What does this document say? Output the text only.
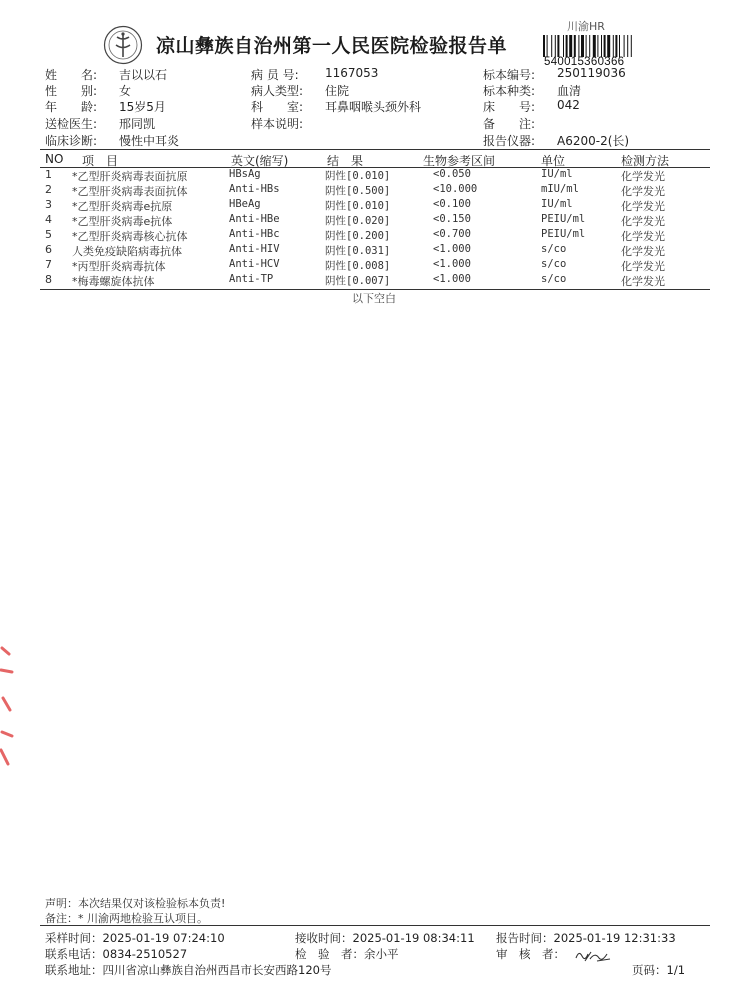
凉山彝族自治州第一人民医院检验报告单
川渝HR
540015360366
姓　　名: 吉以以石	病 员 号: 1167053	标本编号: 250119036
性　　别: 女	病人类型: 住院	标本种类: 血清
年　　龄: 15岁5月	科　　室: 耳鼻咽喉头颈外科	床　　号: 042
送检医生: 邢同凯	样本说明:	备　　注:
临床诊断: 慢性中耳炎	报告仪器: A6200-2(长)
NO 项　目	英文(缩写)	结　果	生物参考区间	单位	检测方法
1 *乙型肝炎病毒表面抗原	HBsAg	阴性[0.010]	<0.050	IU/ml	化学发光
2 *乙型肝炎病毒表面抗体	Anti-HBs	阴性[0.500]	<10.000	mIU/ml	化学发光
3 *乙型肝炎病毒e抗原	HBeAg	阴性[0.010]	<0.100	IU/ml	化学发光
4 *乙型肝炎病毒e抗体	Anti-HBe	阴性[0.020]	<0.150	PEIU/ml	化学发光
5 *乙型肝炎病毒核心抗体	Anti-HBc	阴性[0.200]	<0.700	PEIU/ml	化学发光
6 人类免疫缺陷病毒抗体	Anti-HIV	阴性[0.031]	<1.000	s/co	化学发光
7 *丙型肝炎病毒抗体	Anti-HCV	阴性[0.008]	<1.000	s/co	化学发光
8 *梅毒螺旋体抗体	Anti-TP	阴性[0.007]	<1.000	s/co	化学发光
以下空白
声明：本次结果仅对该检验标本负责!
备注：* 川渝两地检验互认项目。
采样时间：2025-01-19 07:24:10	接收时间：2025-01-19 08:34:11 报告时间：2025-01-19 12:31:33
联系电话：0834-2510527	检　验　者：余小平	审　核　者：
联系地址：四川省凉山彝族自治州西昌市长安西路120号	页码：1/1
